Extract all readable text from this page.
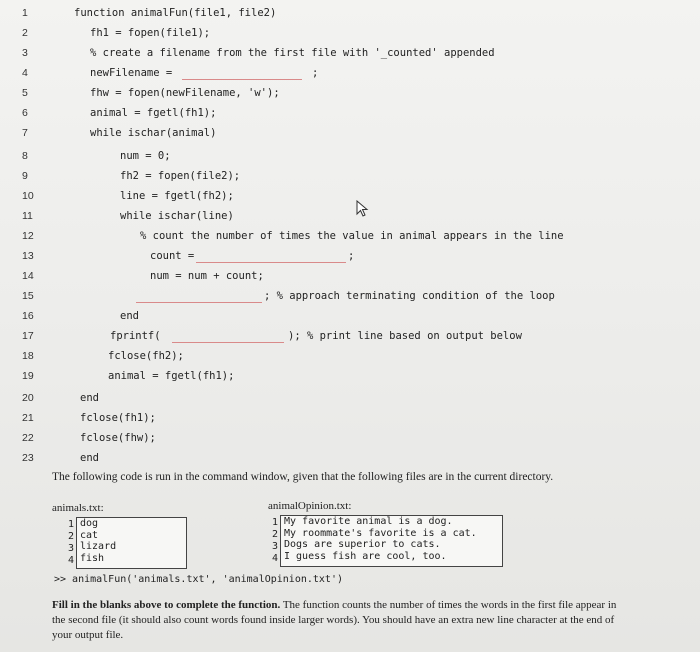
1	function animalFun(file1, file2)
2	fh1 = fopen(file1);
3	% create a filename from the first file with '_counted' appended
4	newFilename =	;
5	fhw = fopen(newFilename, 'w');
6	animal = fgetl(fh1);
7	while ischar(animal)
8	num = 0;
9	fh2 = fopen(file2);
10	line = fgetl(fh2);
11	while ischar(line)
12	% count the number of times the value in animal appears in the line
13	count =	;
14	num = num + count;
15	; % approach terminating condition of the loop
16	end
17	fprintf(	); % print line based on output below
18	fclose(fh2);
19	animal = fgetl(fh1);
20	end
21	fclose(fh1);
22	fclose(fhw);
23	end
The following code is run in the command window, given that the following files are in the current directory.
animals.txt:	animalOpinion.txt:
1
2
3
4
dog
cat
lizard
fish
1
2
3
4
My favorite animal is a dog.
My roommate's favorite is a cat.
Dogs are superior to cats.
I guess fish are cool, too.
>> animalFun('animals.txt', 'animalOpinion.txt')
Fill in the blanks above to complete the function. The function counts the number of times the words in the first file appear in the second file (it should also count words found inside larger words). You should have an extra new line character at the end of your output file.
